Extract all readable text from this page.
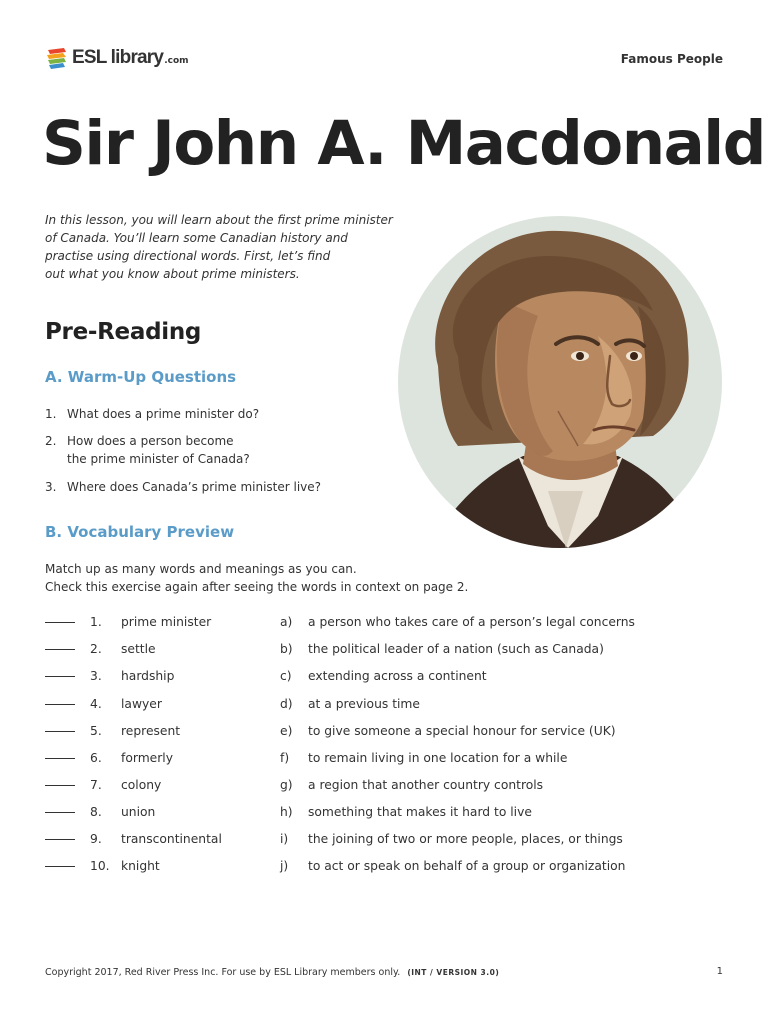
ESL library .com	Famous People
Sir John A. Macdonald
In this lesson, you will learn about the first prime minister
of Canada. You’ll learn some Canadian history and
practise using directional words. First, let’s find
out what you know about prime ministers.
Pre-Reading
A. Warm-Up Questions
1. What does a prime minister do?
2. How does a person become
the prime minister of Canada?
3. Where does Canada’s prime minister live?
B. Vocabulary Preview
Match up as many words and meanings as you can.
Check this exercise again after seeing the words in context on page 2.
1. prime minister	a) a person who takes care of a person’s legal concerns
2. settle	b) the political leader of a nation (such as Canada)
3. hardship	c) extending across a continent
4. lawyer	d) at a previous time
5. represent	e) to give someone a special honour for service (UK)
6. formerly	f) to remain living in one location for a while
7. colony	g) a region that another country controls
8. union	h) something that makes it hard to live
9. transcontinental	i) the joining of two or more people, places, or things
10. knight	j) to act or speak on behalf of a group or organization
Copyright 2017, Red River Press Inc. For use by ESL Library members only. (INT / VERSION 3.0)	1
